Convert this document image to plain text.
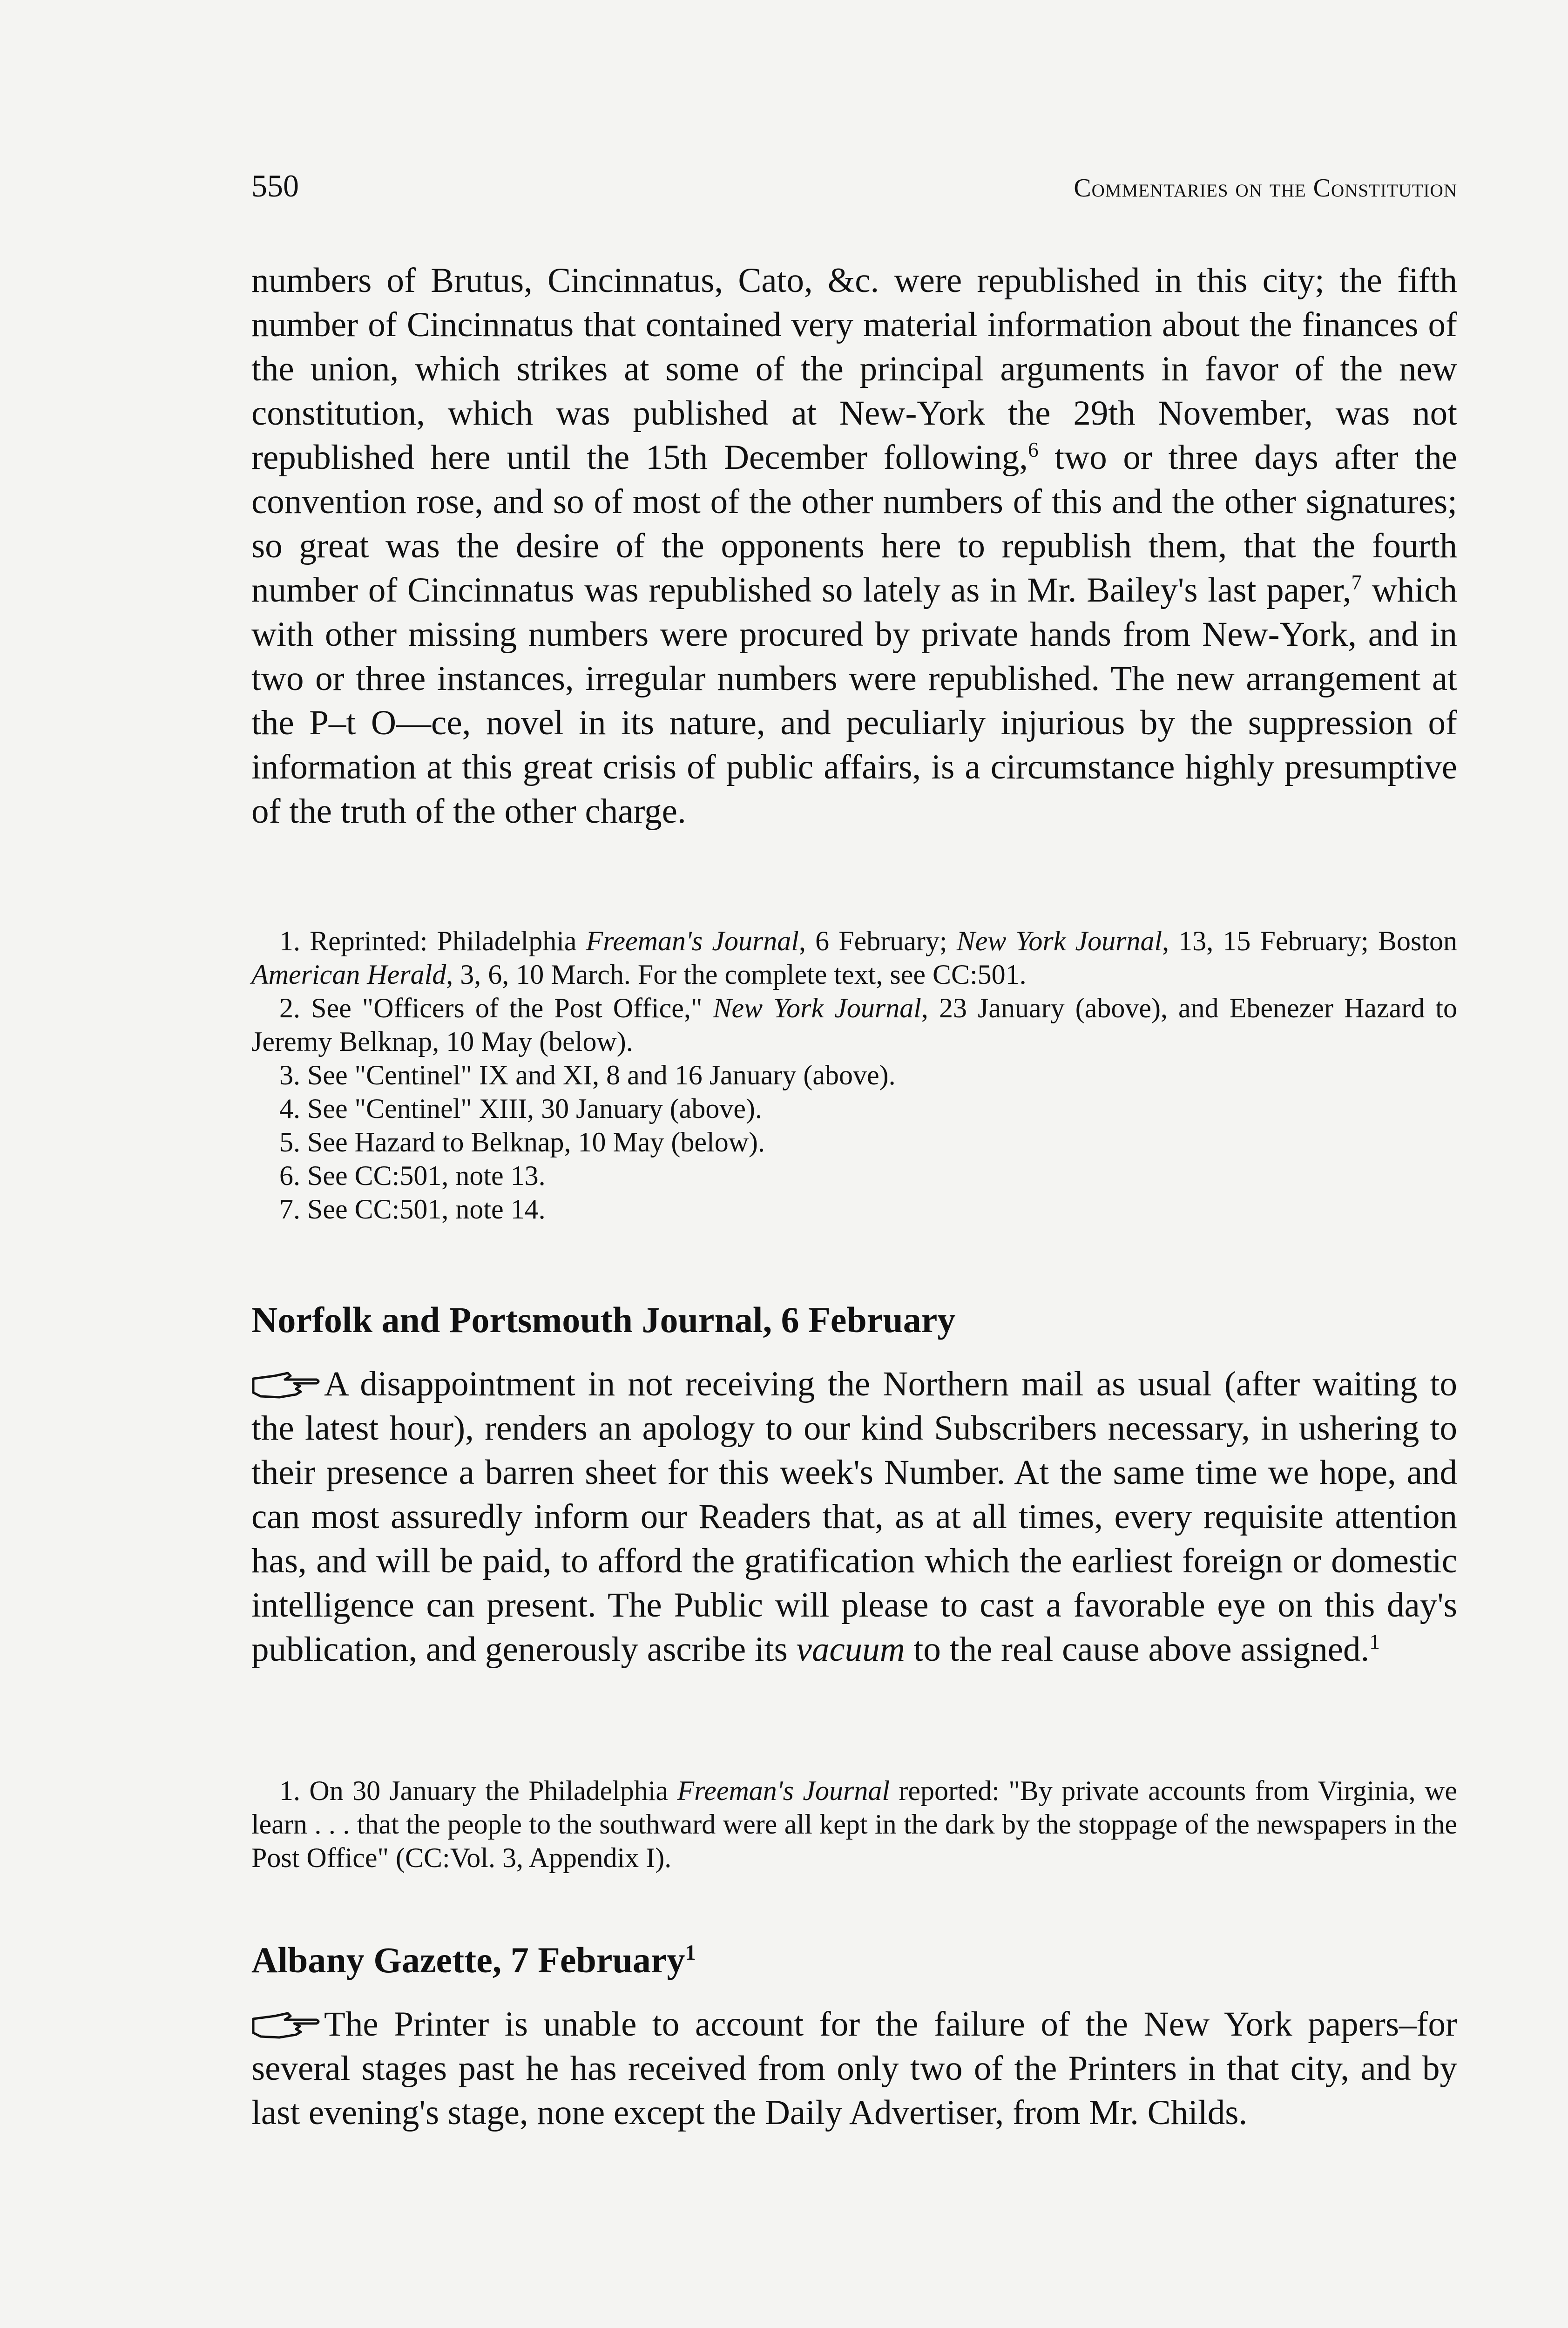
550	Commentaries on the Constitution

numbers of Brutus, Cincinnatus, Cato, &c. were republished in this city; the fifth number of Cincinnatus that contained very material information about the finances of the union, which strikes at some of the principal arguments in favor of the new constitution, which was published at New-York the 29th November, was not republished here until the 15th December following,$^6$ two or three days after the convention rose, and so of most of the other numbers of this and the other signatures; so great was the desire of the opponents here to republish them, that the fourth number of Cincinnatus was republished so lately as in Mr. Bailey's last paper,$^7$ which with other missing numbers were procured by private hands from New-York, and in two or three instances, irregular numbers were republished. The new arrangement at the P–t O—ce, novel in its nature, and peculiarly injurious by the suppression of information at this great crisis of public affairs, is a circumstance highly presumptive of the truth of the other charge.

1. Reprinted: Philadelphia Freeman's Journal, 6 February; New York Journal, 13, 15 February; Boston American Herald, 3, 6, 10 March. For the complete text, see CC:501.
2. See "Officers of the Post Office," New York Journal, 23 January (above), and Ebenezer Hazard to Jeremy Belknap, 10 May (below).
3. See "Centinel" IX and XI, 8 and 16 January (above).
4. See "Centinel" XIII, 30 January (above).
5. See Hazard to Belknap, 10 May (below).
6. See CC:501, note 13.
7. See CC:501, note 14.
Norfolk and Portsmouth Journal, 6 February

A disappointment in not receiving the Northern mail as usual (after waiting to the latest hour), renders an apology to our kind Subscribers necessary, in ushering to their presence a barren sheet for this week's Number. At the same time we hope, and can most assuredly inform our Readers that, as at all times, every requisite attention has, and will be paid, to afford the gratification which the earliest foreign or domestic intelligence can present. The Public will please to cast a favorable eye on this day's publication, and generously ascribe its vacuum to the real cause above assigned.$^1$

1. On 30 January the Philadelphia Freeman's Journal reported: "By private accounts from Virginia, we learn . . . that the people to the southward were all kept in the dark by the stoppage of the newspapers in the Post Office" (CC:Vol. 3, Appendix I).
Albany Gazette, 7 February$^1$

The Printer is unable to account for the failure of the New York papers–for several stages past he has received from only two of the Printers in that city, and by last evening's stage, none except the Daily Advertiser, from Mr. Childs.
